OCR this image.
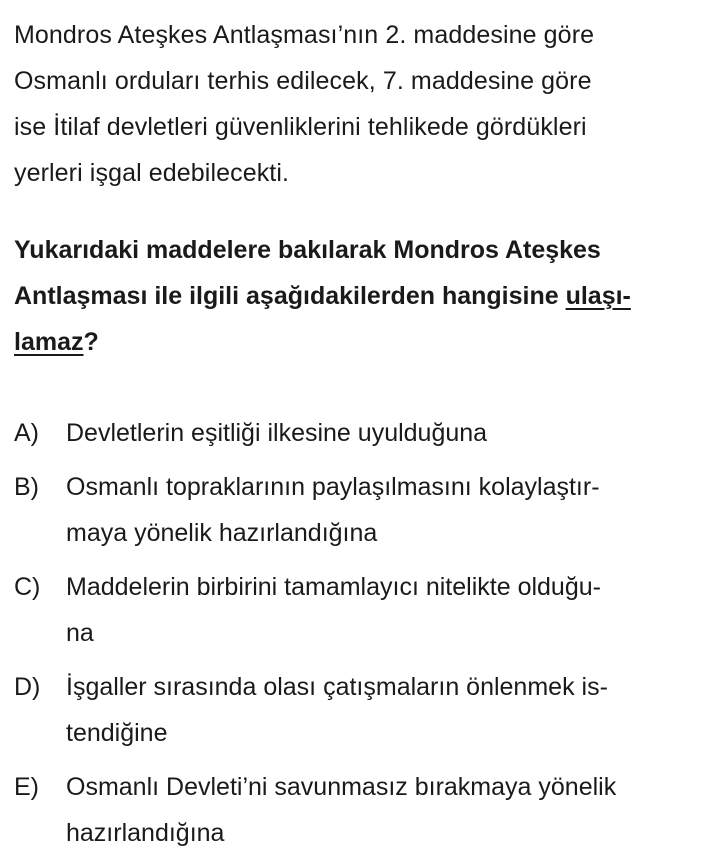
Mondros Ateşkes Antlaşması’nın 2. maddesine göre
Osmanlı orduları terhis edilecek, 7. maddesine göre
ise İtilaf devletleri güvenliklerini tehlikede gördükleri
yerleri işgal edebilecekti.
Yukarıdaki maddelere bakılarak Mondros Ateşkes
Antlaşması ile ilgili aşağıdakilerden hangisine ulaşı-
lamaz?
A) Devletlerin eşitliği ilkesine uyulduğuna
B) Osmanlı topraklarının paylaşılmasını kolaylaştır-
maya yönelik hazırlandığına
C) Maddelerin birbirini tamamlayıcı nitelikte olduğu-
na
D) İşgaller sırasında olası çatışmaların önlenmek is-
tendiğine
E) Osmanlı Devleti’ni savunmasız bırakmaya yönelik
hazırlandığına
